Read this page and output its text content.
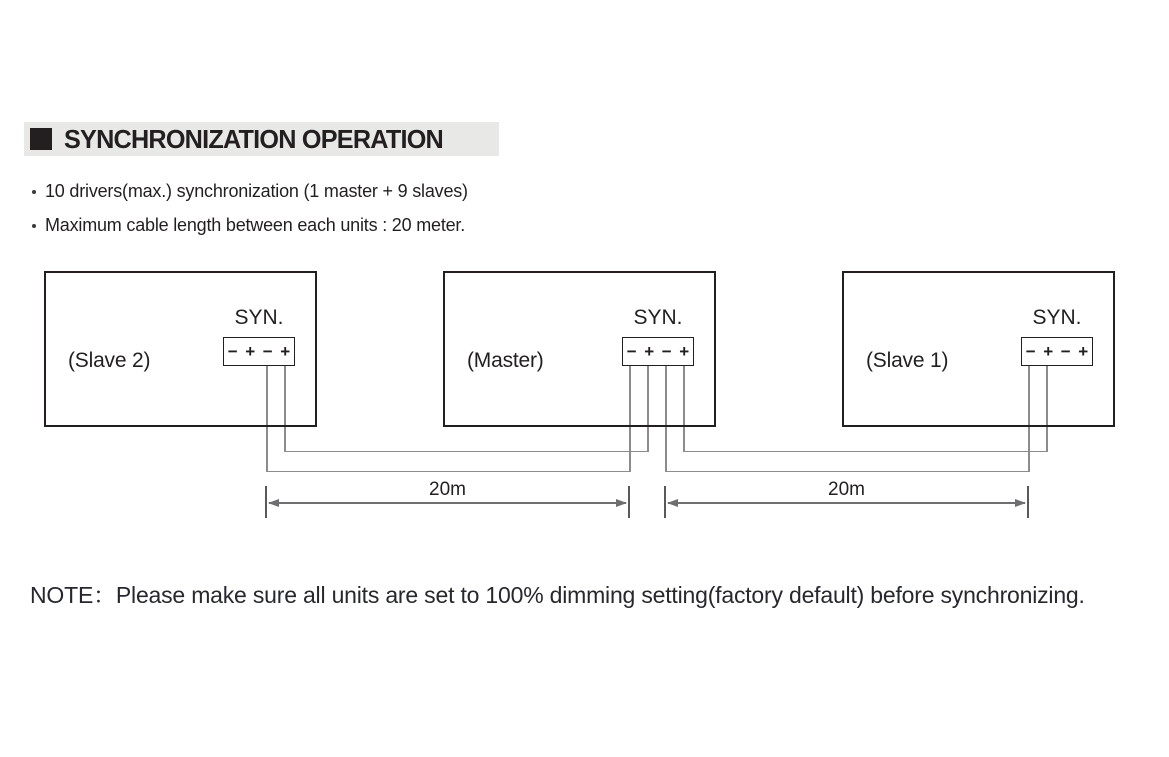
SYNCHRONIZATION OPERATION
10 drivers(max.) synchronization (1 master + 9 slaves)
Maximum cable length between each units : 20 meter.
(Slave 2)
SYN.
− + − +	(Master)
SYN.
− + − +	(Slave 1)
SYN.
− + − +
20m	20m

NOTE：Please make sure all units are set to 100% dimming setting(factory default) before synchronizing.
